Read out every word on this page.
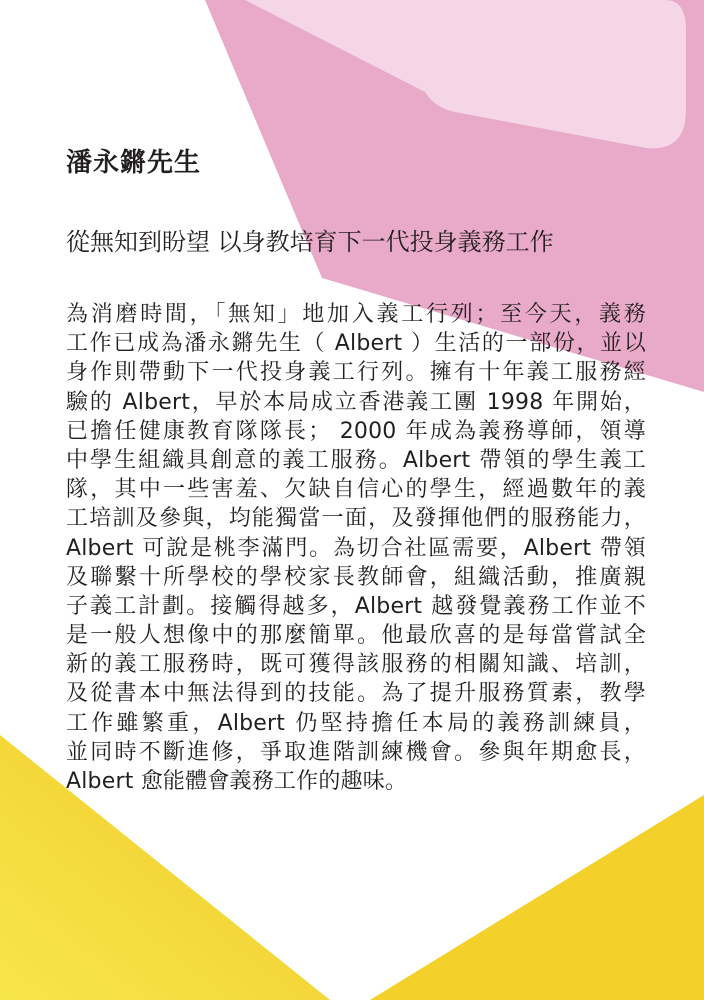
潘永鏘先生
從無知到盼望 以身教培育下一代投身義務工作
為消磨時間，「無知」地加入義工行列；至今天，義務
工作已成為潘永鏘先生（ Albert ）生活的一部份，並以
身作則帶動下一代投身義工行列。擁有十年義工服務經
驗的 Albert，早於本局成立香港義工團 1998 年開始，
已擔任健康教育隊隊長； 2000 年成為義務導師，領導
中學生組織具創意的義工服務。Albert 帶領的學生義工
隊，其中一些害羞、欠缺自信心的學生，經過數年的義
工培訓及參與，均能獨當一面，及發揮他們的服務能力，
Albert 可說是桃李滿門。為切合社區需要，Albert 帶領
及聯繫十所學校的學校家長教師會，組織活動，推廣親
子義工計劃。接觸得越多，Albert 越發覺義務工作並不
是一般人想像中的那麼簡單。他最欣喜的是每當嘗試全
新的義工服務時，既可獲得該服務的相關知識、培訓，
及從書本中無法得到的技能。為了提升服務質素，教學
工作雖繁重，Albert 仍堅持擔任本局的義務訓練員，
並同時不斷進修，爭取進階訓練機會。參與年期愈長，
Albert 愈能體會義務工作的趣味。
